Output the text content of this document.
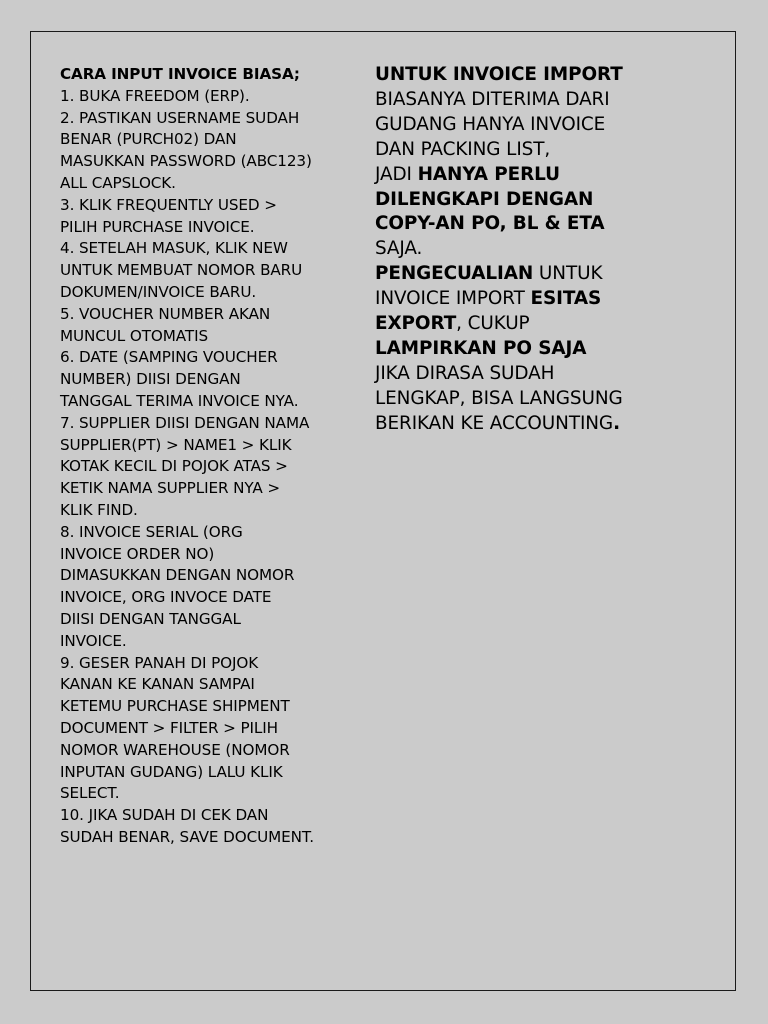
CARA INPUT INVOICE BIASA;
1. BUKA FREEDOM (ERP).
2. PASTIKAN USERNAME SUDAH
BENAR (PURCH02) DAN
MASUKKAN PASSWORD (ABC123)
ALL CAPSLOCK.
3. KLIK FREQUENTLY USED >
PILIH PURCHASE INVOICE.
4. SETELAH MASUK, KLIK NEW
UNTUK MEMBUAT NOMOR BARU
DOKUMEN/INVOICE BARU.
5. VOUCHER NUMBER AKAN
MUNCUL OTOMATIS
6. DATE (SAMPING VOUCHER
NUMBER) DIISI DENGAN
TANGGAL TERIMA INVOICE NYA.
7. SUPPLIER DIISI DENGAN NAMA
SUPPLIER(PT) > NAME1 > KLIK
KOTAK KECIL DI POJOK ATAS >
KETIK NAMA SUPPLIER NYA >
KLIK FIND.
8. INVOICE SERIAL (ORG
INVOICE ORDER NO)
DIMASUKKAN DENGAN NOMOR
INVOICE, ORG INVOCE DATE
DIISI DENGAN TANGGAL
INVOICE.
9. GESER PANAH DI POJOK
KANAN KE KANAN SAMPAI
KETEMU PURCHASE SHIPMENT
DOCUMENT > FILTER > PILIH
NOMOR WAREHOUSE (NOMOR
INPUTAN GUDANG) LALU KLIK
SELECT.
10. JIKA SUDAH DI CEK DAN
SUDAH BENAR, SAVE DOCUMENT.
UNTUK INVOICE IMPORT
BIASANYA DITERIMA DARI
GUDANG HANYA INVOICE
DAN PACKING LIST,
JADI HANYA PERLU
DILENGKAPI DENGAN
COPY-AN PO, BL & ETA
SAJA.
PENGECUALIAN UNTUK
INVOICE IMPORT ESITAS
EXPORT, CUKUP
LAMPIRKAN PO SAJA
JIKA DIRASA SUDAH
LENGKAP, BISA LANGSUNG
BERIKAN KE ACCOUNTING.
